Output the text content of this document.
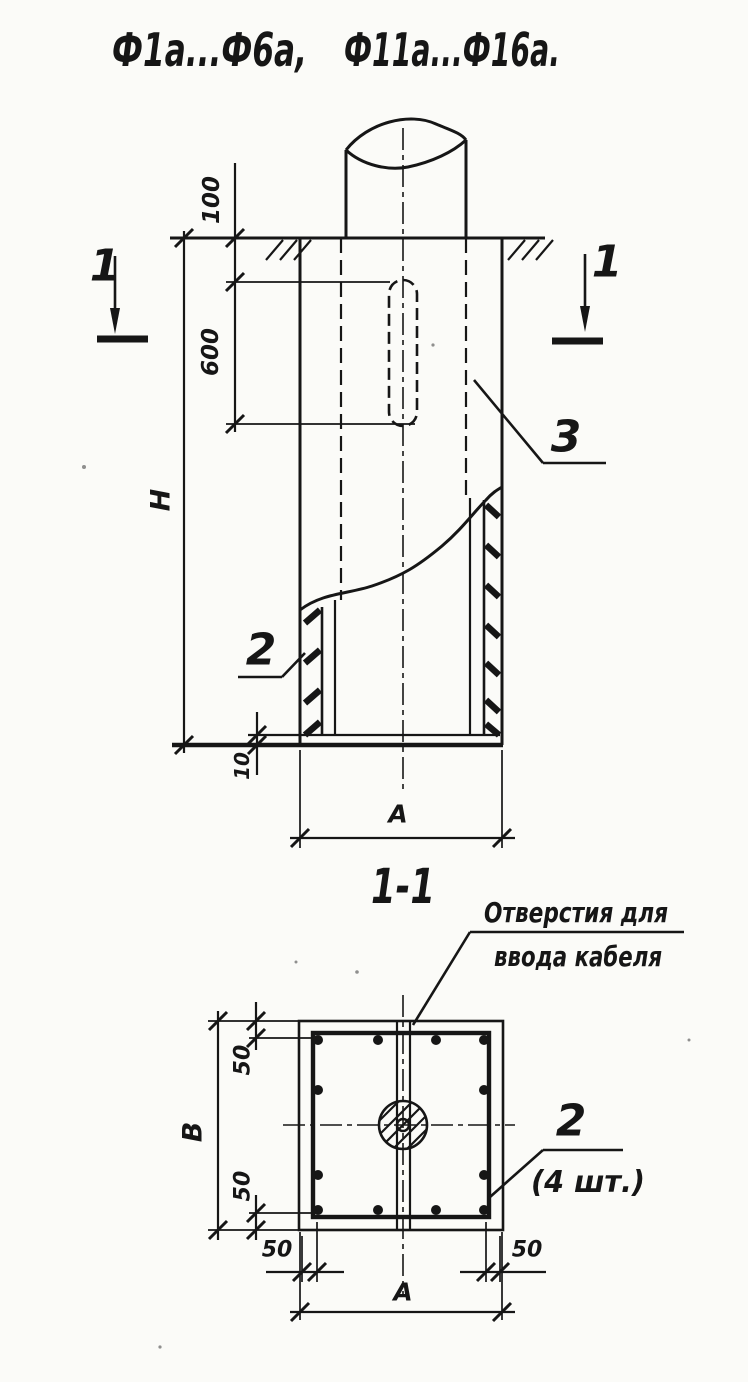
Ф1а...Ф6а, Ф11а...Ф16а.
100
600
Н
10
А
1	1
2
3
1-1 Отверстия для
ввода кабеля
В
50
50
50	50
А
2
(4 шт.)
